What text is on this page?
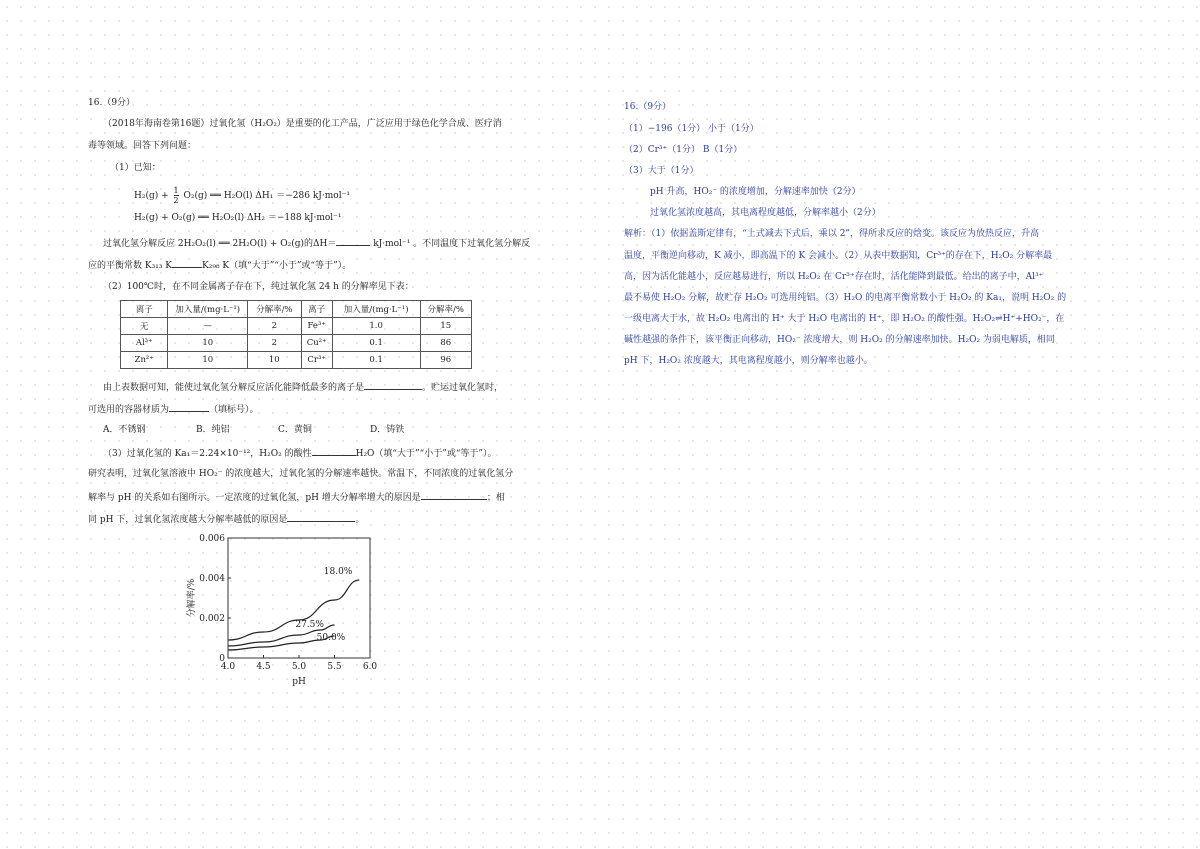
16.（9分）
（2018年海南卷第16题）过氧化氢（H₂O₂）是重要的化工产品，广泛应用于绿色化学合成、医疗消
毒等领域。回答下列问题：
（1）已知：
$H_2(g) + \frac{1}{2} O_2(g)$ ══ H₂O(l) ΔH₁ ＝−286 kJ·mol⁻¹
H₂(g) + O₂(g) ══ H₂O₂(l) ΔH₂ ＝−188 kJ·mol⁻¹
过氧化氢分解反应 2H₂O₂(l) ══ 2H₂O(l) + O₂(g)的ΔH＝	kJ·mol⁻¹ 。不同温度下过氧化氢分解反
应的平衡常数 K₃₁₃ K	K₂₉₈ K（填“大于”“小于”或“等于”）。
（2）100℃时，在不同金属离子存在下，纯过氧化氢 24 h 的分解率见下表：
离子	加入量/(mg·L⁻¹)	分解率/%	离子	加入量/(mg·L⁻¹)	分解率/%
无	—	2	Fe³⁺	1.0	15
Al³⁺	10	2	Cu²⁺	0.1	86
Zn²⁺	10	10	Cr³⁺	0.1	96
由上表数据可知，能使过氧化氢分解反应活化能降低最多的离子是	。贮运过氧化氢时，
可选用的容器材质为	（填标号）。
A．不锈钢	B．纯铝	C．黄铜	D．铸铁
（3）过氧化氢的 Ka₁＝2.24×10⁻¹²，H₂O₂ 的酸性	H₂O（填“大于”“小于”或“等于”）。
研究表明，过氧化氢溶液中 HO₂⁻ 的浓度越大，过氧化氢的分解速率越快。常温下，不同浓度的过氧化氢分
解率与 pH 的关系如右图所示。一定浓度的过氧化氢，pH 增大分解率增大的原因是	；相
同 pH 下，过氧化氢浓度越大分解率越低的原因是	。
4.0 4.5 5.0 5.5 6.0
0
0.002
0.004
0.006
18.0%
27.5%
50.0%
分解率/%
pH
16.（9分）
（1）−196（1分） 小于（1分）
（2）Cr³⁺（1分） B（1分）
（3）大于（1分）
pH 升高，HO₂⁻ 的浓度增加，分解速率加快（2分）
过氧化氢浓度越高，其电离程度越低，分解率越小（2分）
解析：（1）依据盖斯定律有，“上式减去下式后，乘以 2”，得所求反应的焓变。该反应为放热反应，升高
温度，平衡逆向移动，K 减小，即高温下的 K 会减小。（2）从表中数据知，Cr³⁺的存在下，H₂O₂ 分解率最
高，因为活化能越小，反应越易进行，所以 H₂O₂ 在 Cr³⁺存在时，活化能降到最低。给出的离子中，Al³⁺
最不易使 H₂O₂ 分解，故贮存 H₂O₂ 可选用纯铝。（3）H₂O 的电离平衡常数小于 H₂O₂ 的 Ka₁，说明 H₂O₂ 的
一级电离大于水，故 H₂O₂ 电离出的 H⁺ 大于 H₂O 电离出的 H⁺，即 H₂O₂ 的酸性强。H₂O₂⇌H⁺+HO₂⁻，在
碱性越强的条件下，该平衡正向移动，HO₂⁻ 浓度增大，则 H₂O₂ 的分解速率加快。H₂O₂ 为弱电解质，相同
pH 下，H₂O₂ 浓度越大，其电离程度越小，则分解率也越小。
